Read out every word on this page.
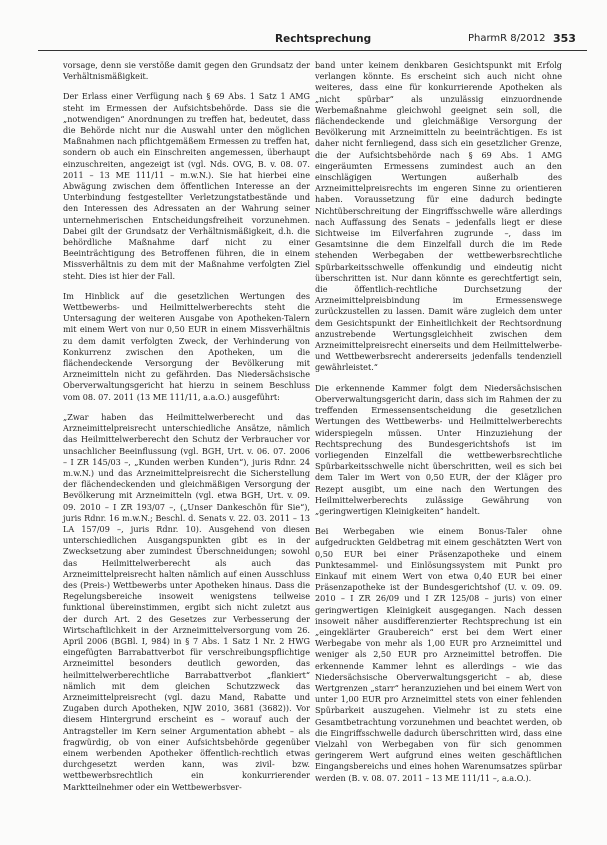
Rechtsprechung	PharmR 8/2012 353

vorsage, denn sie verstöße damit gegen den Grundsatz der Verhältnismäßigkeit.

Der Erlass einer Verfügung nach § 69 Abs. 1 Satz 1 AMG steht im Ermessen der Aufsichtsbehörde. Dass sie die „notwendigen“ Anordnungen zu treffen hat, bedeutet, dass die Behörde nicht nur die Auswahl unter den möglichen Maßnahmen nach pflichtgemäßem Ermessen zu treffen hat, sondern ob auch ein Einschreiten angemessen, überhaupt einzuschreiten, angezeigt ist (vgl. Nds. OVG, B. v. 08. 07. 2011 – 13 ME 111/11 – m.w.N.). Sie hat hierbei eine Abwägung zwischen dem öffentlichen Interesse an der Unterbindung festgestellter Verletzungstatbestände und den Interessen des Adressaten an der Wahrung seiner unternehmerischen Entscheidungsfreiheit vorzunehmen. Dabei gilt der Grundsatz der Verhältnismäßigkeit, d.h. die behördliche Maßnahme darf nicht zu einer Beeinträchtigung des Betroffenen führen, die in einem Missverhältnis zu dem mit der Maßnahme verfolgten Ziel steht. Dies ist hier der Fall.

Im Hinblick auf die gesetzlichen Wertungen des Wettbewerbs- und Heilmittelwerberechts steht die Untersagung der weiteren Ausgabe von Apotheken-Talern mit einem Wert von nur 0,50 EUR in einem Missverhältnis zu dem damit verfolgten Zweck, der Verhinderung von Konkurrenz zwischen den Apotheken, um die flächendeckende Versorgung der Bevölkerung mit Arzneimitteln nicht zu gefährden. Das Niedersächsische Oberverwaltungsgericht hat hierzu in seinem Beschluss vom 08. 07. 2011 (13 ME 111/11, a.a.O.) ausgeführt:

„Zwar haben das Heilmittelwerberecht und das Arzneimittelpreisrecht unterschiedliche Ansätze, nämlich das Heilmittelwerberecht den Schutz der Verbraucher vor unsachlicher Beeinflussung (vgl. BGH, Urt. v. 06. 07. 2006 – I ZR 145/03 –, „Kunden werben Kunden“), juris Rdnr. 24 m.w.N.) und das Arzneimittelpreisrecht die Sicherstellung der flächendeckenden und gleichmäßigen Versorgung der Bevölkerung mit Arzneimitteln (vgl. etwa BGH, Urt. v. 09. 09. 2010 – I ZR 193/07 –, („Unser Dankeschön für Sie“), juris Rdnr. 16 m.w.N.; Beschl. d. Senats v. 22. 03. 2011 – 13 LA 157/09 –, juris Rdnr. 10). Ausgehend von diesen unterschiedlichen Ausgangspunkten gibt es in der Zwecksetzung aber zumindest Überschneidungen; sowohl das Heilmittelwerberecht als auch das Arzneimittelpreisrecht halten nämlich auf einen Ausschluss des (Preis-) Wettbewerbs unter Apotheken hinaus. Dass die Regelungsbereiche insoweit wenigstens teilweise funktional übereinstimmen, ergibt sich nicht zuletzt aus der durch Art. 2 des Gesetzes zur Verbesserung der Wirtschaftlichkeit in der Arzneimittelversorgung vom 26. April 2006 (BGBl. I, 984) in § 7 Abs. 1 Satz 1 Nr. 2 HWG eingefügten Barrabattverbot für verschreibungspflichtige Arzneimittel besonders deutlich geworden, das heilmittelwerberechtliche Barrabattverbot „flankiert“ nämlich mit dem gleichen Schutzzweck das Arzneimittelpreisrecht (vgl. dazu Mand, Rabatte und Zugaben durch Apotheken, NJW 2010, 3681 (3682)). Vor diesem Hintergrund erscheint es – worauf auch der Antragsteller im Kern seiner Argumentation abhebt – als fragwürdig, ob von einer Aufsichtsbehörde gegenüber einem werbenden Apotheker öffentlich-rechtlich etwas durchgesetzt werden kann, was zivil- bzw. wettbewerbsrechtlich ein konkurrierender Marktteilnehmer oder ein Wettbewerbsver-

band unter keinem denkbaren Gesichtspunkt mit Erfolg verlangen könnte. Es erscheint sich auch nicht ohne weiteres, dass eine für konkurrierende Apotheken als „nicht spürbar“ als unzulässig einzuordnende Werbemaßnahme gleichwohl geeignet sein soll, die flächendeckende und gleichmäßige Versorgung der Bevölkerung mit Arzneimitteln zu beeinträchtigen. Es ist daher nicht fernliegend, dass sich ein gesetzlicher Grenze, die der Aufsichtsbehörde nach § 69 Abs. 1 AMG eingeräumten Ermessens zumindest auch an den einschlägigen Wertungen außerhalb des Arzneimittelpreisrechts im engeren Sinne zu orientieren haben. Voraussetzung für eine dadurch bedingte Nichtüberschreitung der Eingriffsschwelle wäre allerdings nach Auffassung des Senats – jedenfalls liegt er diese Sichtweise im Eilverfahren zugrunde –, dass im Gesamtsinne die dem Einzelfall durch die im Rede stehenden Werbegaben der wettbewerbsrechtliche Spürbarkeitsschwelle offenkundig und eindeutig nicht überschritten ist. Nur dann könnte es gerechtfertigt sein, die öffentlich-rechtliche Durchsetzung der Arzneimittelpreisbindung im Ermessenswege zurückzustellen zu lassen. Damit wäre zugleich dem unter dem Gesichtspunkt der Einheitlichkeit der Rechtsordnung anzustrebende Wertungsgleichheit zwischen dem Arzneimittelpreisrecht einerseits und dem Heilmittelwerbe- und Wettbewerbsrecht andererseits jedenfalls tendenziell gewährleistet.“

Die erkennende Kammer folgt dem Niedersächsischen Oberverwaltungsgericht darin, dass sich im Rahmen der zu treffenden Ermessensentscheidung die gesetzlichen Wertungen des Wettbewerbs- und Heilmittelwerberechts widerspiegeln müssen. Unter Hinzuziehung der Rechtsprechung des Bundesgerichtshofs ist im vorliegenden Einzelfall die wettbewerbsrechtliche Spürbarkeitsschwelle nicht überschritten, weil es sich bei dem Taler im Wert von 0,50 EUR, der der Kläger pro Rezept ausgibt, um eine nach den Wertungen des Heilmittelwerberechts zulässige Gewährung von „geringwertigen Kleinigkeiten“ handelt.

Bei Werbegaben wie einem Bonus-Taler ohne aufgedruckten Geldbetrag mit einem geschätzten Wert von 0,50 EUR bei einer Präsenzapotheke und einem Punktesammel- und Einlösungssystem mit Punkt pro Einkauf mit einem Wert von etwa 0,40 EUR bei einer Präsenzapotheke ist der Bundesgerichtshof (U. v. 09. 09. 2010 – I ZR 26/09 und I ZR 125/08 – juris) von einer geringwertigen Kleinigkeit ausgegangen. Nach dessen insoweit näher ausdifferenzierter Rechtsprechung ist ein „eingeklärter Graubereich“ erst bei dem Wert einer Werbegabe von mehr als 1,00 EUR pro Arzneimittel und weniger als 2,50 EUR pro Arzneimittel betroffen. Die erkennende Kammer lehnt es allerdings – wie das Niedersächsische Oberverwaltungsgericht – ab, diese Wertgrenzen „starr“ heranzuziehen und bei einem Wert von unter 1,00 EUR pro Arzneimittel stets von einer fehlenden Spürbarkeit auszugehen. Vielmehr ist zu stets eine Gesamtbetrachtung vorzunehmen und beachtet werden, ob die Eingriffsschwelle dadurch überschritten wird, dass eine Vielzahl von Werbegaben von für sich genommen geringerem Wert aufgrund eines weiten geschäftlichen Eingangsbereichs und eines hohen Warenumsatzes spürbar werden (B. v. 08. 07. 2011 – 13 ME 111/11 –, a.a.O.).
